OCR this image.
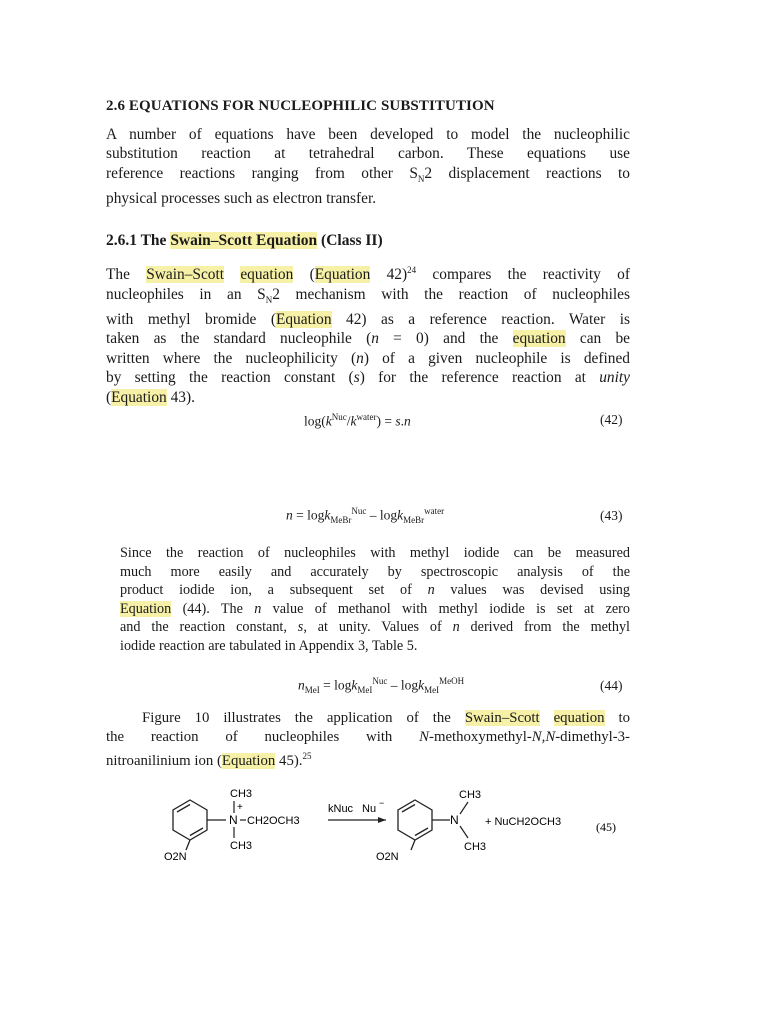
2.6 EQUATIONS FOR NUCLEOPHILIC SUBSTITUTION
A number of equations have been developed to model the nucleophilic
substitution reaction at tetrahedral carbon. These equations use
reference reactions ranging from other $S_N2$ displacement reactions to
physical processes such as electron transfer.
2.6.1 The Swain–Scott Equation (Class II)
The Swain–Scott equation (Equation 42)$^{24}$ compares the reactivity of
nucleophiles in an $S_N2$ mechanism with the reaction of nucleophiles
with methyl bromide (Equation 42) as a reference reaction. Water is
taken as the standard nucleophile (n = 0) and the equation can be
written where the nucleophilicity (n) of a given nucleophile is defined
by setting the reaction constant (s) for the reference reaction at unity
(Equation 43).
$\log(k^{Nuc}/k^{water}) = s.n$	(42)
n = logk$_{MeBr}^{Nuc}$ – logk$_{MeBr}^{water}$	(43)
Since the reaction of nucleophiles with methyl iodide can be measured
much more easily and accurately by spectroscopic analysis of the
product iodide ion, a subsequent set of n values was devised using
Equation (44). The n value of methanol with methyl iodide is set at zero
and the reaction constant, s, at unity. Values of n derived from the methyl
iodide reaction are tabulated in Appendix 3, Table 5.
$n_{MeI} = \log k_{MeI}^{Nuc} - \log k_{MeI}^{MeOH}$	(44)
Figure 10 illustrates the application of the Swain–Scott equation to
the reaction of nucleophiles with N-methoxymethyl-N,N-dimethyl-3-
nitroanilinium ion (Equation 45).$^{25}$
CH3
+
N CH2OCH3
CH3
O2N
kNuc Nu −
N
CH3
CH3
O2N
+ NuCH2OCH3	(45)
